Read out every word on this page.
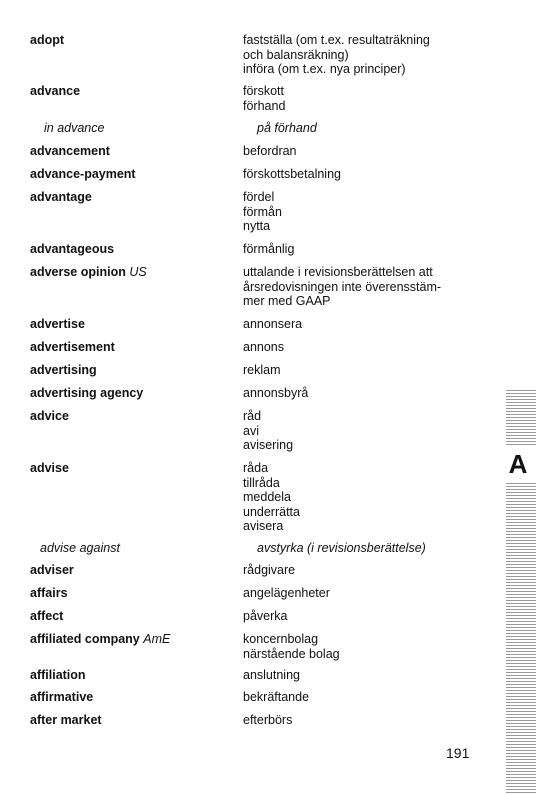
adopt	fastställa (om t.ex. resultaträkning
och balansräkning)
införa (om t.ex. nya principer)
advance	förskott
förhand
in advance	på förhand
advancement	befordran
advance-payment	förskottsbetalning
advantage	fördel
förmån
nytta
advantageous	förmånlig
adverse opinion US	uttalande i revisionsberättelsen att
årsredovisningen inte överensstäm-
mer med GAAP
advertise	annonsera
advertisement	annons
advertising	reklam
advertising agency	annonsbyrå
advice	råd
avi
avisering
advise	råda
tillråda
meddela
underrätta
avisera
advise against	avstyrka (i revisionsberättelse)
adviser	rådgivare
affairs	angelägenheter
affect	påverka
affiliated company AmE	koncernbolag
närstående bolag
affiliation	anslutning
affirmative	bekräftande
after market	efterbörs
A
191
